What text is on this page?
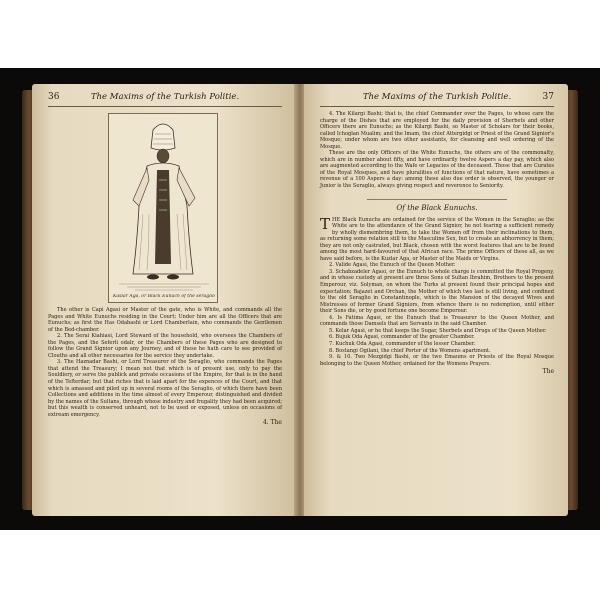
36	The Maxims of the Turkish Politie.
Kaslar Aga, or Black Eunuch of the seraglio

The other is Capi Agasi or Master of the gate, who is White, and commands all the Pages and White Eunuchs residing in the Court; Under him are all the Officers that are Eunuchs; as first the Has Odabashi or Lord Chamberlain, who commands the Gentlemen of the Bed-chamber.

2. The Serai Kiahiasi, Lord Steward of the household, who oversees the Chambers of the Pages, and the Seferli odalr, or the Chambers of these Pages who are designed to follow the Grand Signior upon any Journey, and of these he hath care to see provided of Clouths and all other necessaries for the service they undertake.

3. The Haznadar Bashi, or Lord Treasurer of the Seraglio, who commands the Pages that attend the Treasury; I mean not that which is of present use, only to pay the Souldiery, or serve the publick and private occasions of the Empire, for that is in the hand of the Tefterdar; but that riches that is laid apart for the expences of the Court, and that which is amassed and piled up in several rooms of the Seraglio, of which there have been Collections and additions in the time almost of every Emperour, distinguished and divided by the names of the Sultans, through whose industry and frugality they had been acquired; but this wealth is conserved unheard, not to be used or exposed, unless on occasions of extream emergency.

4. The
The Maxims of the Turkish Politie.	37

4. The Kilargi Bashi; that is, the chief Commander over the Pages, to whose care the charge of the Dishes that are employed for the daily provision of Sherbets and other Officers there are Eunuchs; as the Kilargi Bashi, so Master of Scholars for their books, called Ichoglan Mualim; and the Imam, the chief Attergidgi or Priest of the Grand Signior's Mosque; under whom are two other assistants, for cleansing and well ordering of the Mosque.

These are the only Officers of the White Eunuchs, the others are of the commonalty, which are in number about fifty, and have ordinarily twelve Aspers a day pay, which also are augmented according to the Wafe or Legacies of the deceased. Those that are Curates of the Royal Mosques, and have pluralities of functions of that nature, have sometimes a revenue of a 100 Aspers a day: among these also due order is observed, the younger or Junior is the Seraglio, always giving respect and reverence to Seniority.

Of the Black Eunuchs.
THE Black Eunuchs are ordained for the service of the Women in the Seraglio; as the White are to the attendance of the Grand Signior, he not fearing a sufficient remedy by wholly dismembring them, to take the Women off from their inclinations to them, as returning some relation still to the Masculine Sex, but to create an abhorrency in them; they are not only castrated, but Black, chosen with the worst features that are to be found among the most hard-favoured of that African race. The prime Officers of these all, as we have said before, is the Kuzlar Aga, or Master of the Maids or Virgins.

2. Valide Agasi, the Eunuch of the Queen Mother.

3. Schabzadeler Agasi, or the Eunuch to whole charge is committed the Royal Progeny, and in whose custody at present are three Sons of Sultan Ibrahim, Brothers to the present Emperour, viz. Solyman, on whom the Turks at present found their principal hopes and expectation; Bajazet and Orchan, the Mother of which two last is still living, and confined to the old Seraglio in Constantinople, which is the Mansion of the decayed Wives and Mistresses of former Grand Signiors, from whence there is no redemption, until either their Sons die, or by good fortune one become Emperour.

4. Is Fatima Agasi, or the Eunuch that is Treasurer to the Queen Mother, and commands those Damsels that are Servants in the said Chamber.

5. Kelar Agasi, or he that keeps the Sugar, Sherbets and Drugs of the Queen Mother.

6. Bujuk Oda Agasi, commander of the greater Chamber.

7. Kuchuk Oda Agasi, commander of the lesser Chamber.

8. Bostangi Ogilani, the chief Porter of the Womens apartment.

9. & 10. Two Mezgidgi Bashi, or the two Emaums or Priests of the Royal Mosque belonging to the Queen Mother, ordained for the Womens Prayers.

The
